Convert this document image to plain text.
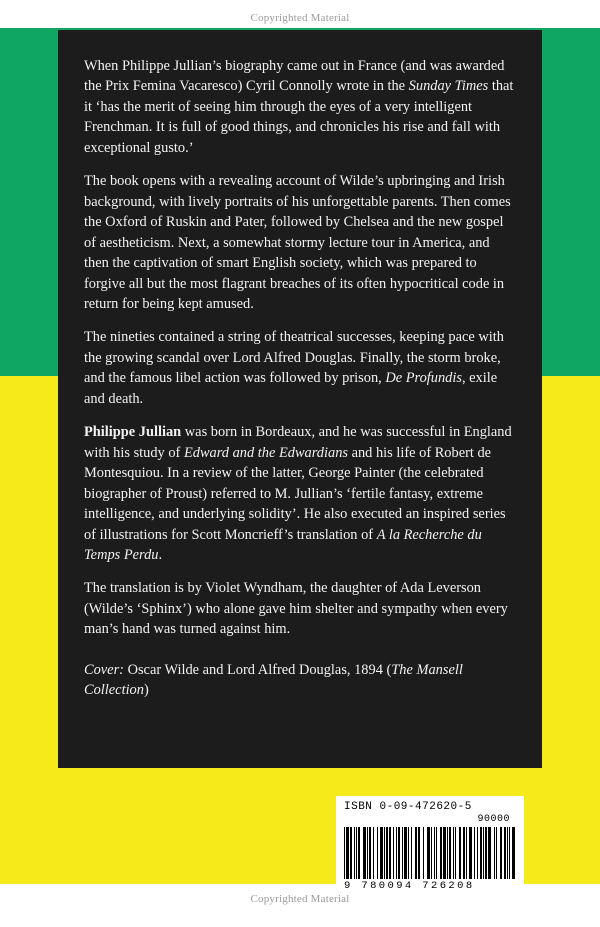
Copyrighted Material

When Philippe Jullian’s biography came out in France (and was awarded the Prix Femina Vacaresco) Cyril Connolly wrote in the Sunday Times that it ‘has the merit of seeing him through the eyes of a very intelligent Frenchman. It is full of good things, and chronicles his rise and fall with exceptional gusto.’

The book opens with a revealing account of Wilde’s upbringing and Irish background, with lively portraits of his unforgettable parents. Then comes the Oxford of Ruskin and Pater, followed by Chelsea and the new gospel of aestheticism. Next, a somewhat stormy lecture tour in America, and then the captivation of smart English society, which was prepared to forgive all but the most flagrant breaches of its often hypocritical code in return for being kept amused.

The nineties contained a string of theatrical successes, keeping pace with the growing scandal over Lord Alfred Douglas. Finally, the storm broke, and the famous libel action was followed by prison, De Profundis, exile and death.

Philippe Jullian was born in Bordeaux, and he was successful in England with his study of Edward and the Edwardians and his life of Robert de Montesquiou. In a review of the latter, George Painter (the celebrated biographer of Proust) referred to M. Jullian’s ‘fertile fantasy, extreme intelligence, and underlying solidity’. He also executed an inspired series of illustrations for Scott Moncrieff’s translation of A la Recherche du Temps Perdu.

The translation is by Violet Wyndham, the daughter of Ada Leverson (Wilde’s ‘Sphinx’) who alone gave him shelter and sympathy when every man’s hand was turned against him.

Cover: Oscar Wilde and Lord Alfred Douglas, 1894 (The Mansell Collection)

ISBN 0-09-472620-5
90000
9 780094 726208
Copyrighted Material
